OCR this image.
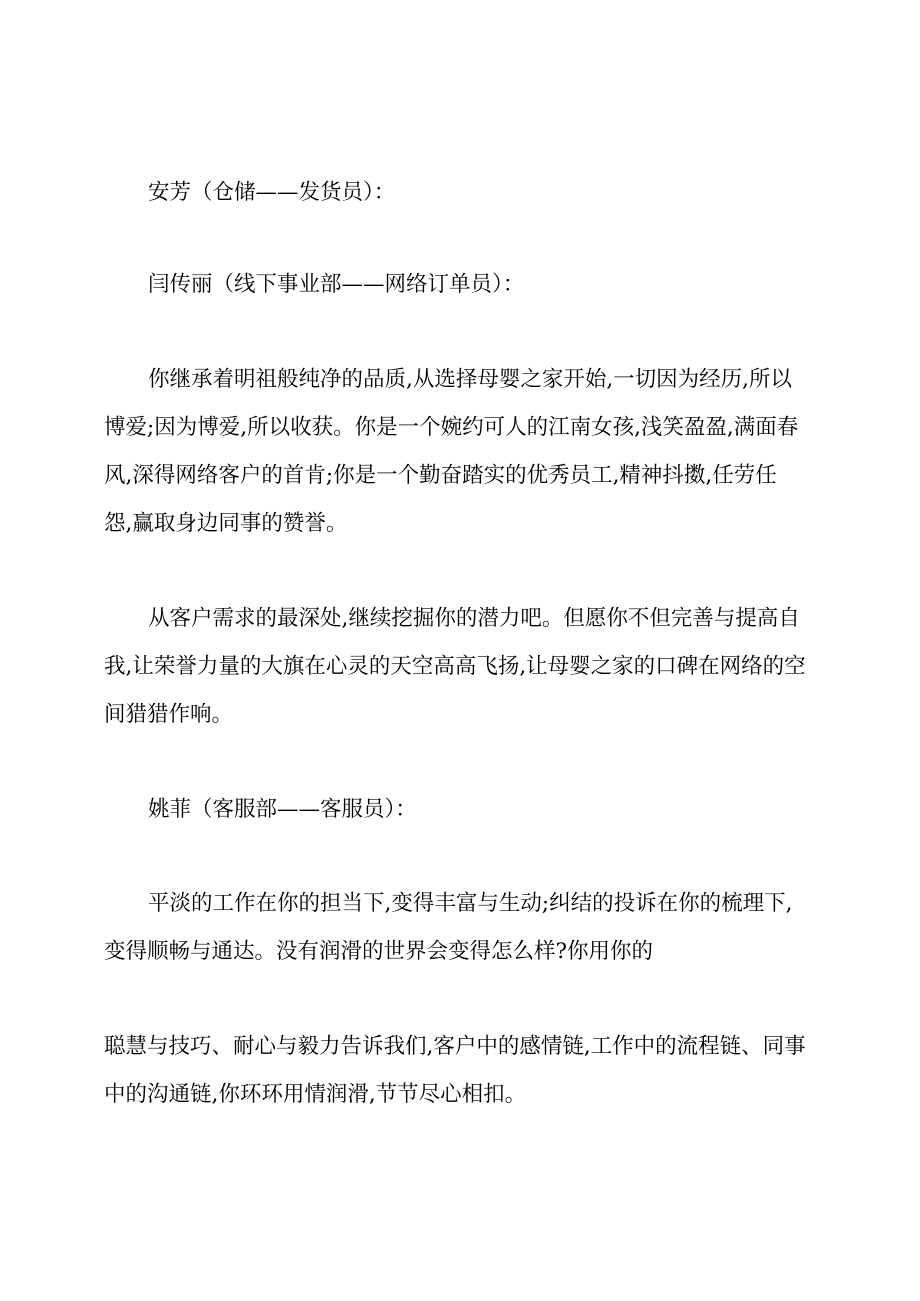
安芳（仓储——发货员）：
闫传丽（线下事业部——网络订单员）：
你继承着明祖般纯净的品质,从选择母婴之家开始,一切因为经历,所以
博爱;因为博爱,所以收获。你是一个婉约可人的江南女孩,浅笑盈盈,满面春
风,深得网络客户的首肯;你是一个勤奋踏实的优秀员工,精神抖擞,任劳任
怨,赢取身边同事的赞誉。
从客户需求的最深处,继续挖掘你的潜力吧。但愿你不但完善与提高自
我,让荣誉力量的大旗在心灵的天空高高飞扬,让母婴之家的口碑在网络的空
间猎猎作响。
姚菲（客服部——客服员）：
平淡的工作在你的担当下,变得丰富与生动;纠结的投诉在你的梳理下,
变得顺畅与通达。没有润滑的世界会变得怎么样?你用你的
聪慧与技巧、耐心与毅力告诉我们,客户中的感情链,工作中的流程链、同事
中的沟通链,你环环用情润滑,节节尽心相扣。
